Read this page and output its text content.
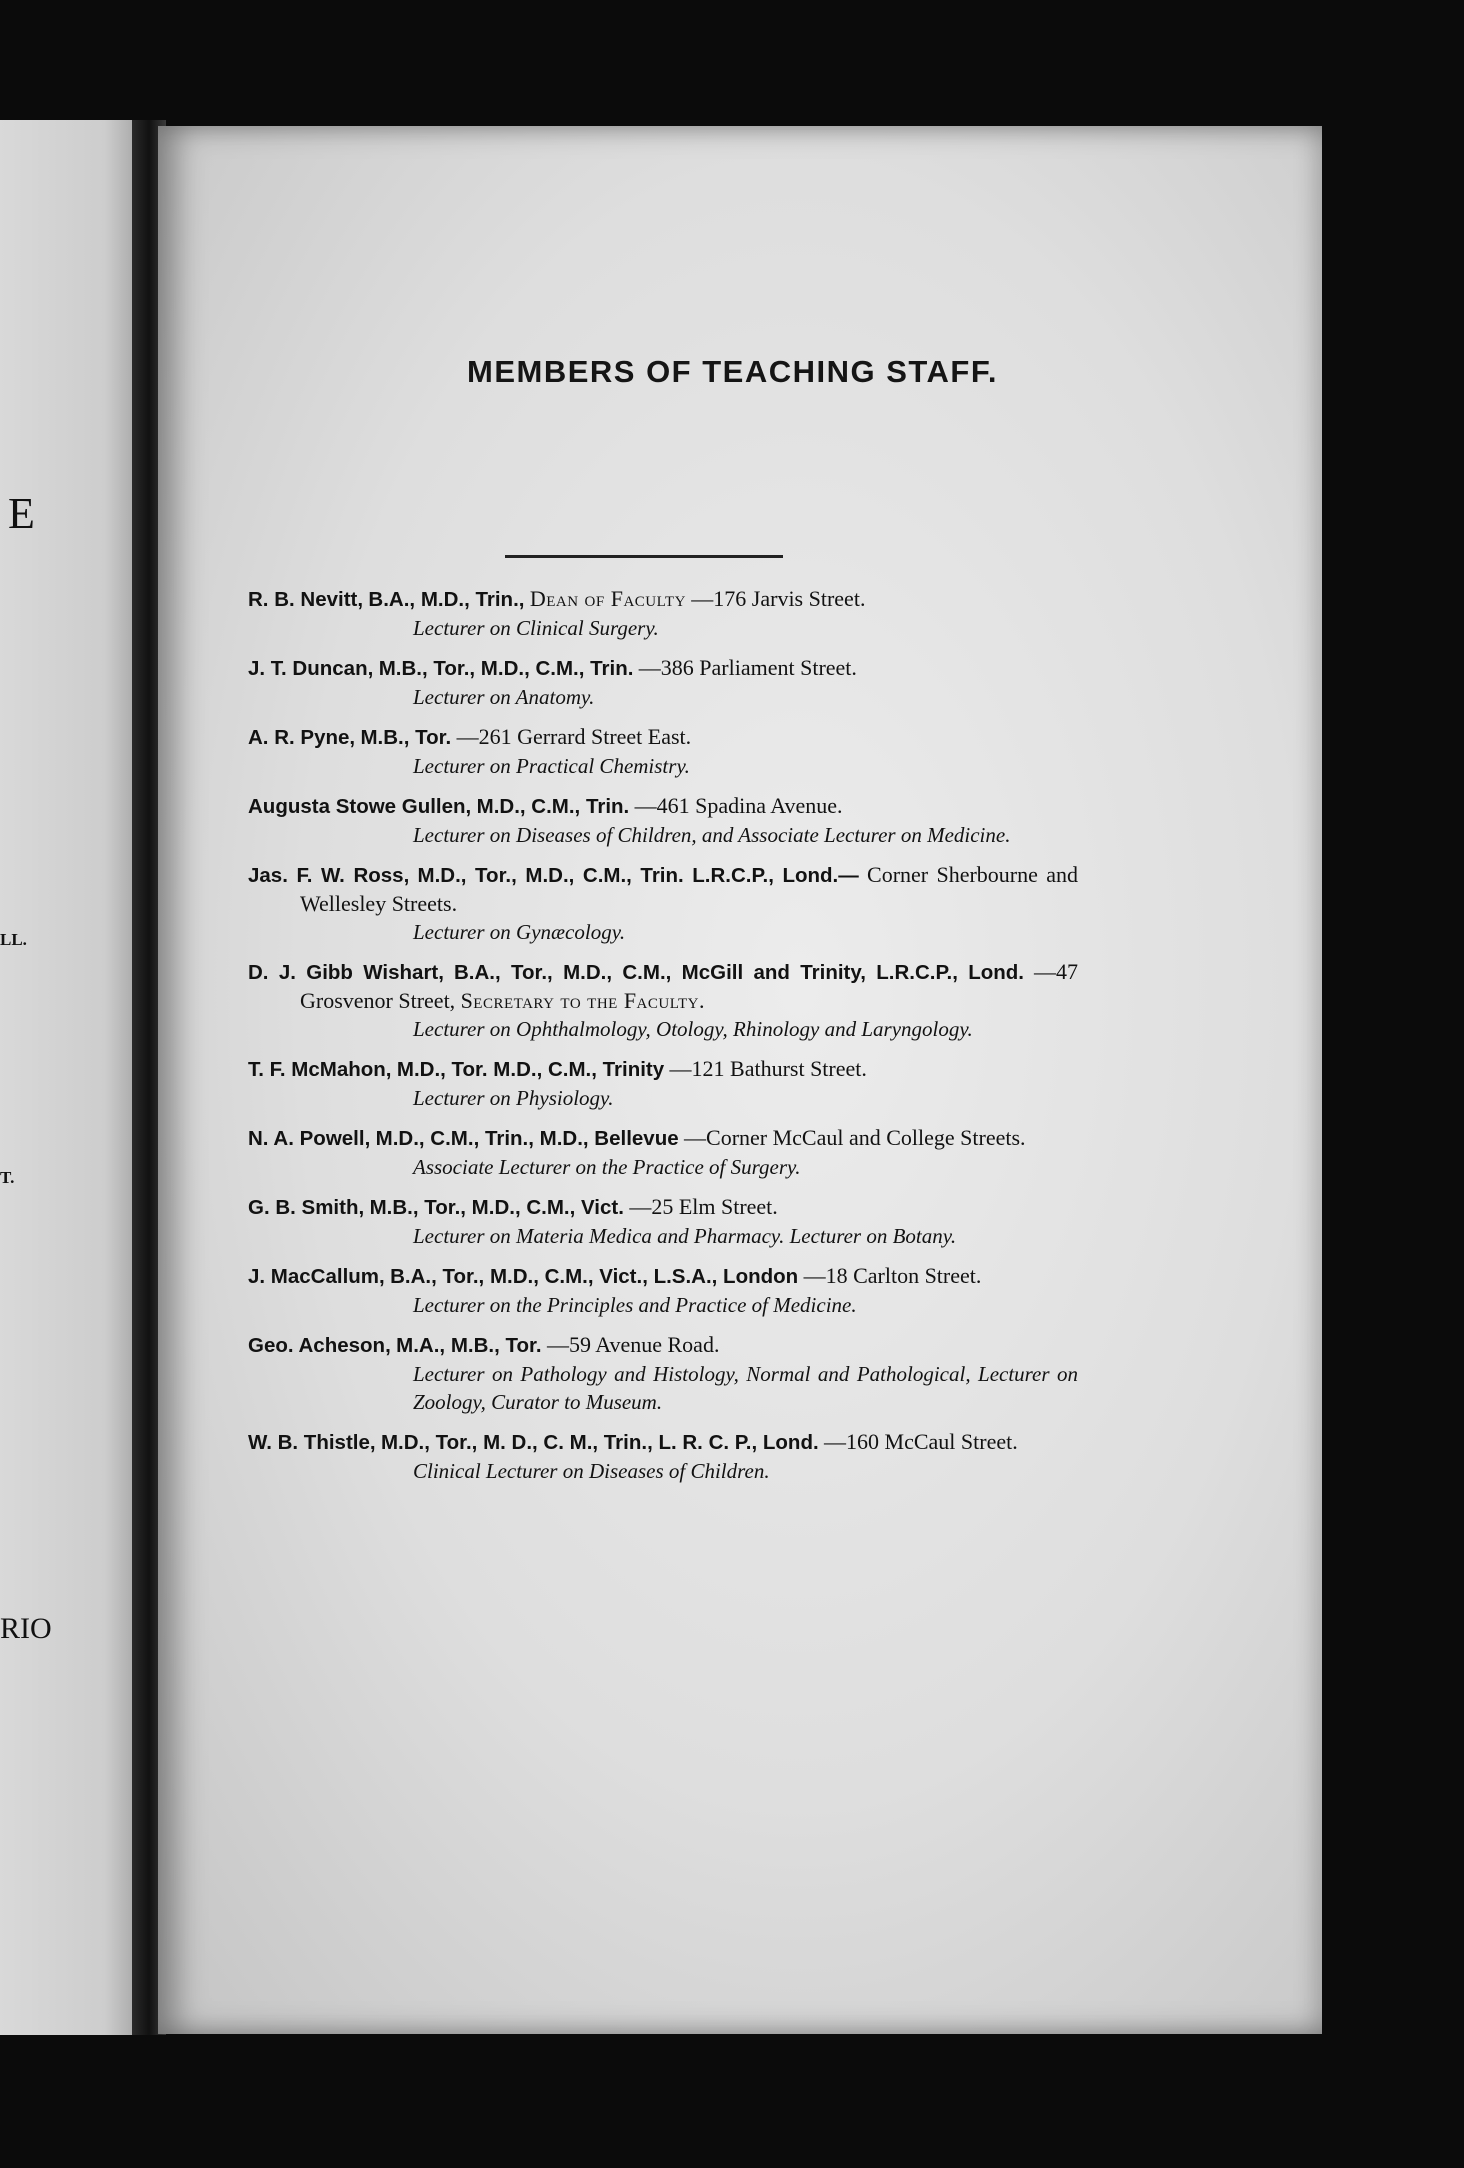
E
LL.
T.
RIO
MEMBERS OF TEACHING STAFF.
R. B. Nevitt, B.A., M.D., Trin., Dean of Faculty —176 Jarvis Street.
Lecturer on Clinical Surgery.
J. T. Duncan, M.B., Tor., M.D., C.M., Trin. —386 Parliament Street.
Lecturer on Anatomy.
A. R. Pyne, M.B., Tor. —261 Gerrard Street East.
Lecturer on Practical Chemistry.
Augusta Stowe Gullen, M.D., C.M., Trin. —461 Spadina Avenue.
Lecturer on Diseases of Children, and Associate Lecturer on Medicine.
Jas. F. W. Ross, M.D., Tor., M.D., C.M., Trin. L.R.C.P., Lond.— Corner Sherbourne and Wellesley Streets.
Lecturer on Gynæcology.
D. J. Gibb Wishart, B.A., Tor., M.D., C.M., McGill and Trinity, L.R.C.P., Lond. —47 Grosvenor Street, Secretary to the Faculty.
Lecturer on Ophthalmology, Otology, Rhinology and Laryngology.
T. F. McMahon, M.D., Tor. M.D., C.M., Trinity —121 Bathurst Street.
Lecturer on Physiology.
N. A. Powell, M.D., C.M., Trin., M.D., Bellevue —Corner McCaul and College Streets.
Associate Lecturer on the Practice of Surgery.
G. B. Smith, M.B., Tor., M.D., C.M., Vict. —25 Elm Street.
Lecturer on Materia Medica and Pharmacy. Lecturer on Botany.
J. MacCallum, B.A., Tor., M.D., C.M., Vict., L.S.A., London —18 Carlton Street.
Lecturer on the Principles and Practice of Medicine.
Geo. Acheson, M.A., M.B., Tor. —59 Avenue Road.
Lecturer on Pathology and Histology, Normal and Pathological, Lecturer on Zoology, Curator to Museum.
W. B. Thistle, M.D., Tor., M. D., C. M., Trin., L. R. C. P., Lond. —160 McCaul Street.
Clinical Lecturer on Diseases of Children.
